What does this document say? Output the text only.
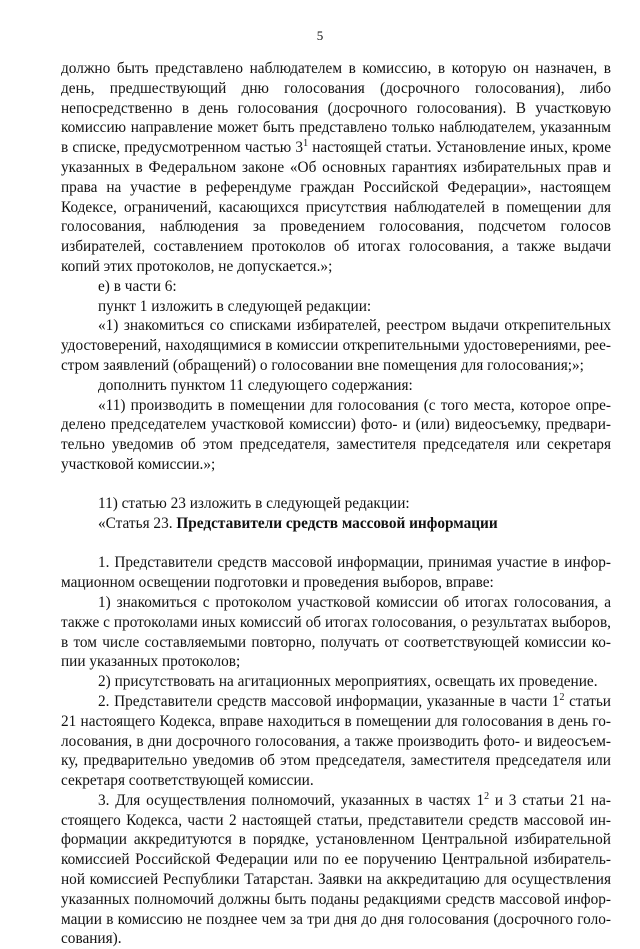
5

должно быть представлено наблюдателем в комиссию, в которую он назначен, в день, предшествующий дню голосования (досрочного голосования), либо непосредственно в день голосования (досрочного голосования). В участковую комиссию направление может быть представлено только наблюдателем, указанным в списке, предусмотренном частью $3^1$ настоящей статьи. Установление иных, кроме указанных в Федеральном законе «Об основных гарантиях избирательных прав и права на участие в референдуме граждан Российской Федерации», настоящем Кодексе, ограничений, касающихся присутствия наблюдателей в помещении для голосования, наблюдения за проведением голосования, подсчетом голосов избирателей, составлением протоколов об итогах голосования, а также выдачи копий этих протоколов, не допускается.»;

е) в части 6:

пункт 1 изложить в следующей редакции:

«1) знакомиться со списками избирателей, реестром выдачи открепительных удостоверений, находящимися в комиссии открепительными удостоверениями, реестром заявлений (обращений) о голосовании вне помещения для голосования;»;

дополнить пунктом 11 следующего содержания:

«11) производить в помещении для голосования (с того места, которое определено председателем участковой комиссии) фото- и (или) видеосъемку, предварительно уведомив об этом председателя, заместителя председателя или секретаря участковой комиссии.»;

11) статью 23 изложить в следующей редакции:

«Статья 23. Представители средств массовой информации

1. Представители средств массовой информации, принимая участие в информационном освещении подготовки и проведения выборов, вправе:

1) знакомиться с протоколом участковой комиссии об итогах голосования, а также с протоколами иных комиссий об итогах голосования, о результатах выборов, в том числе составляемыми повторно, получать от соответствующей комиссии копии указанных протоколов;

2) присутствовать на агитационных мероприятиях, освещать их проведение.

2. Представители средств массовой информации, указанные в части $1^2$ статьи 21 настоящего Кодекса, вправе находиться в помещении для голосования в день голосования, в дни досрочного голосования, а также производить фото- и видеосъемку, предварительно уведомив об этом председателя, заместителя председателя или секретаря соответствующей комиссии.

3. Для осуществления полномочий, указанных в частях $1^2$ и 3 статьи 21 настоящего Кодекса, части 2 настоящей статьи, представители средств массовой информации аккредитуются в порядке, установленном Центральной избирательной комиссией Российской Федерации или по ее поручению Центральной избирательной комиссией Республики Татарстан. Заявки на аккредитацию для осуществления указанных полномочий должны быть поданы редакциями средств массовой информации в комиссию не позднее чем за три дня до дня голосования (досрочного голосования).
